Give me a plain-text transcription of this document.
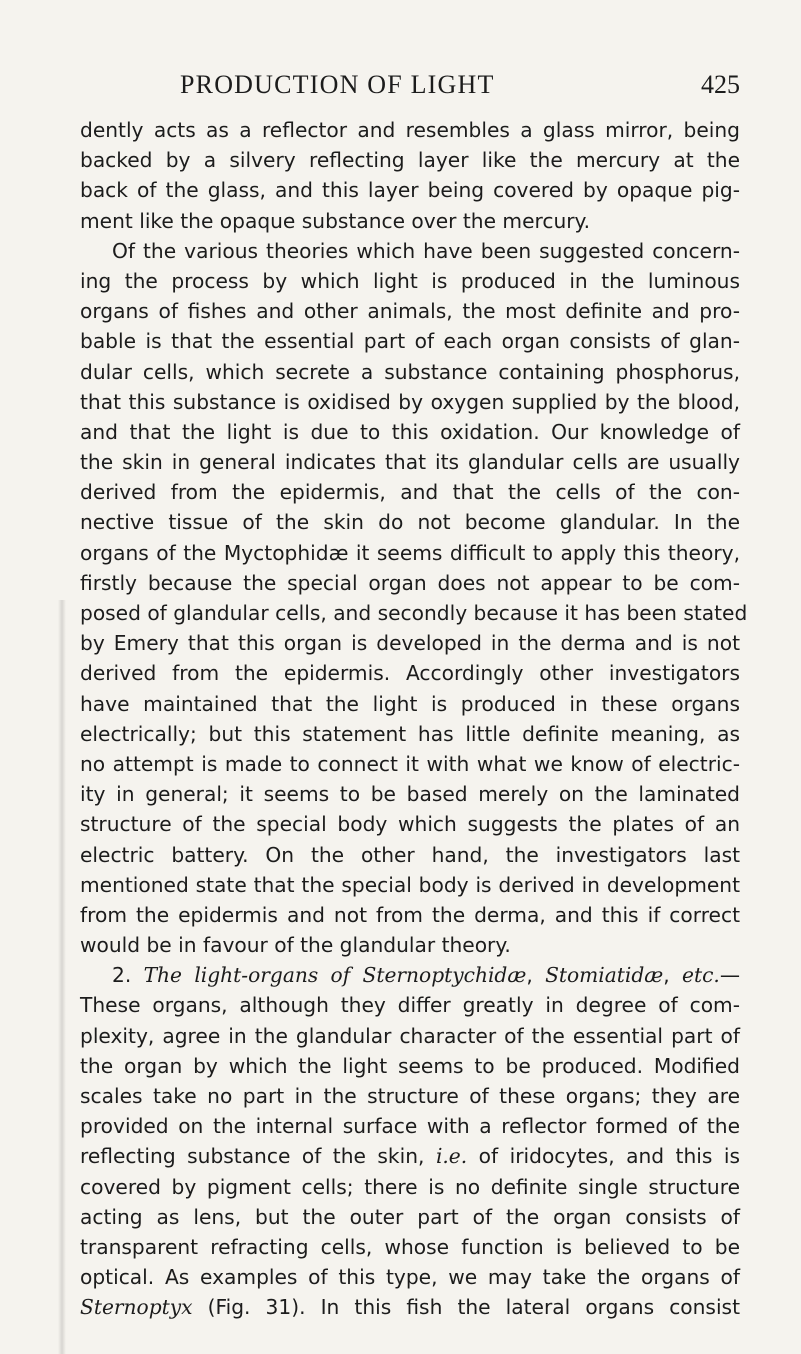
PRODUCTION OF LIGHT	425
dently acts as a reflector and resembles a glass mirror, being
backed by a silvery reflecting layer like the mercury at the
back of the glass, and this layer being covered by opaque pig-
ment like the opaque substance over the mercury.
Of the various theories which have been suggested concern-
ing the process by which light is produced in the luminous
organs of fishes and other animals, the most definite and pro-
bable is that the essential part of each organ consists of glan-
dular cells, which secrete a substance containing phosphorus,
that this substance is oxidised by oxygen supplied by the blood,
and that the light is due to this oxidation. Our knowledge of
the skin in general indicates that its glandular cells are usually
derived from the epidermis, and that the cells of the con-
nective tissue of the skin do not become glandular. In the
organs of the Myctophidæ it seems difficult to apply this theory,
firstly because the special organ does not appear to be com-
posed of glandular cells, and secondly because it has been stated
by Emery that this organ is developed in the derma and is not
derived from the epidermis. Accordingly other investigators
have maintained that the light is produced in these organs
electrically; but this statement has little definite meaning, as
no attempt is made to connect it with what we know of electric-
ity in general; it seems to be based merely on the laminated
structure of the special body which suggests the plates of an
electric battery. On the other hand, the investigators last
mentioned state that the special body is derived in development
from the epidermis and not from the derma, and this if correct
would be in favour of the glandular theory.
2. The light-organs of Sternoptychidæ, Stomiatidæ, etc.—
These organs, although they differ greatly in degree of com-
plexity, agree in the glandular character of the essential part of
the organ by which the light seems to be produced. Modified
scales take no part in the structure of these organs; they are
provided on the internal surface with a reflector formed of the
reflecting substance of the skin, i.e. of iridocytes, and this is
covered by pigment cells; there is no definite single structure
acting as lens, but the outer part of the organ consists of
transparent refracting cells, whose function is believed to be
optical. As examples of this type, we may take the organs of
Sternoptyx (Fig. 31). In this fish the lateral organs consist
